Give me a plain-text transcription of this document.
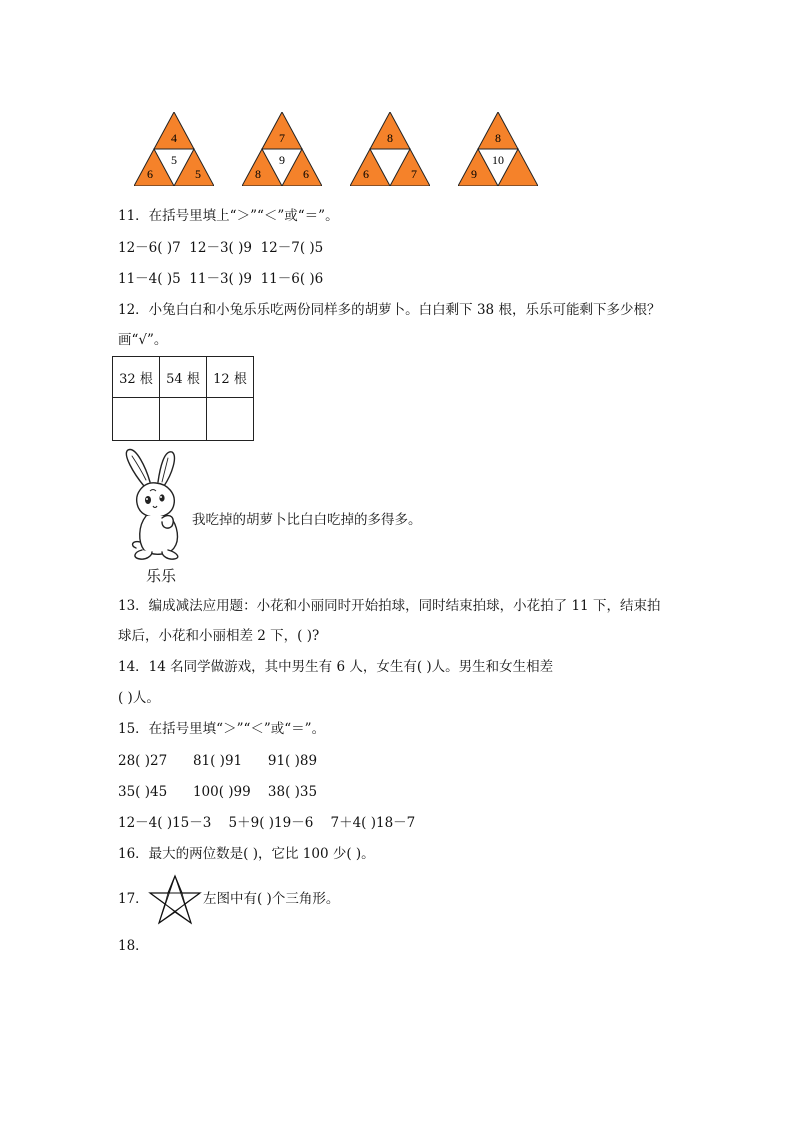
4
5
6	5
7
9
8	6
8
6	7
8
10
9
11．在括号里填上“＞”“＜”或“＝”。
12－6( )7 12－3( )9 12－7( )5
11－4( )5 11－3( )9 11－6( )6
12．小兔白白和小兔乐乐吃两份同样多的胡萝卜。白白剩下 38 根，乐乐可能剩下多少根？
画“√”。
32 根	54 根	12 根

我吃掉的胡萝卜比白白吃掉的多得多。
乐乐
13．编成减法应用题：小花和小丽同时开始拍球，同时结束拍球，小花拍了 11 下，结束拍
球后，小花和小丽相差 2 下，( )?
14．14 名同学做游戏，其中男生有 6 人，女生有( )人。男生和女生相差
( )人。
15．在括号里填“＞”“＜”或“＝”。
28( )27 81( )91 91( )89
35( )45 100( )99 38( )35
12－4( )15－3 5＋9( )19－6 7＋4( )18－7
16．最大的两位数是( )，它比 100 少( )。
17．	左图中有( )个三角形。
18．
